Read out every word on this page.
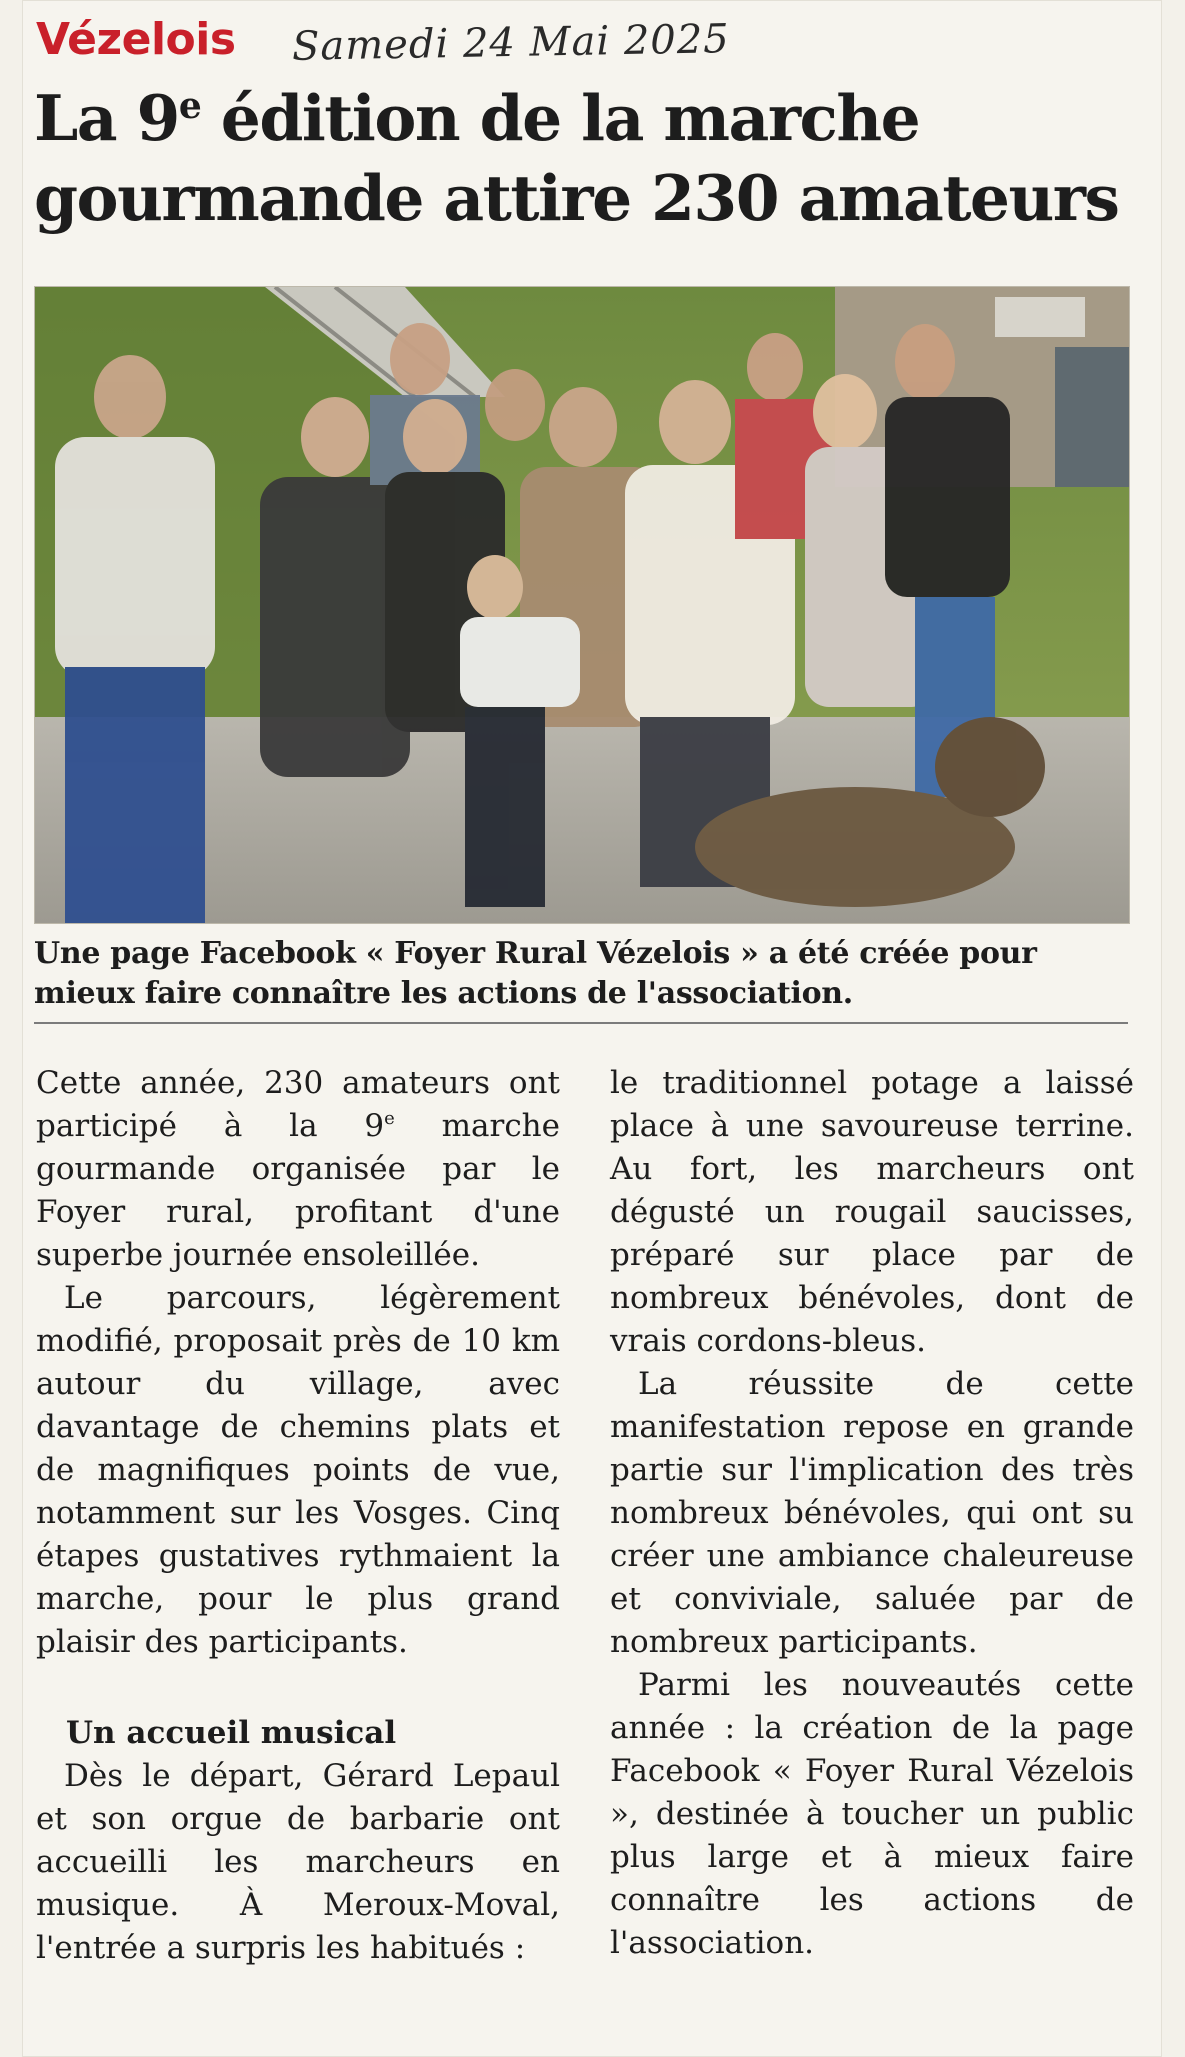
Vézelois Samedi 24 Mai 2025
La 9e édition de la marche gourmande attire 230 amateurs
Une page Facebook « Foyer Rural Vézelois » a été créée pour mieux faire connaître les actions de l'association.

Cette année, 230 amateurs ont participé à la 9e marche gourmande organisée par le Foyer rural, profitant d'une superbe journée ensoleillée.

Le parcours, légèrement modifié, proposait près de 10 km autour du village, avec davantage de chemins plats et de magnifiques points de vue, notamment sur les Vosges. Cinq étapes gustatives rythmaient la marche, pour le plus grand plaisir des participants.

Un accueil musical

Dès le départ, Gérard Lepaul et son orgue de barbarie ont accueilli les marcheurs en musique. À Meroux-Moval, l'entrée a surpris les habitués :

le traditionnel potage a laissé place à une savoureuse terrine. Au fort, les marcheurs ont dégusté un rougail saucisses, préparé sur place par de nombreux bénévoles, dont de vrais cordons-bleus.

La réussite de cette manifestation repose en grande partie sur l'implication des très nombreux bénévoles, qui ont su créer une ambiance chaleureuse et conviviale, saluée par de nombreux participants.

Parmi les nouveautés cette année : la création de la page Facebook « Foyer Rural Vézelois », destinée à toucher un public plus large et à mieux faire connaître les actions de l'association.
